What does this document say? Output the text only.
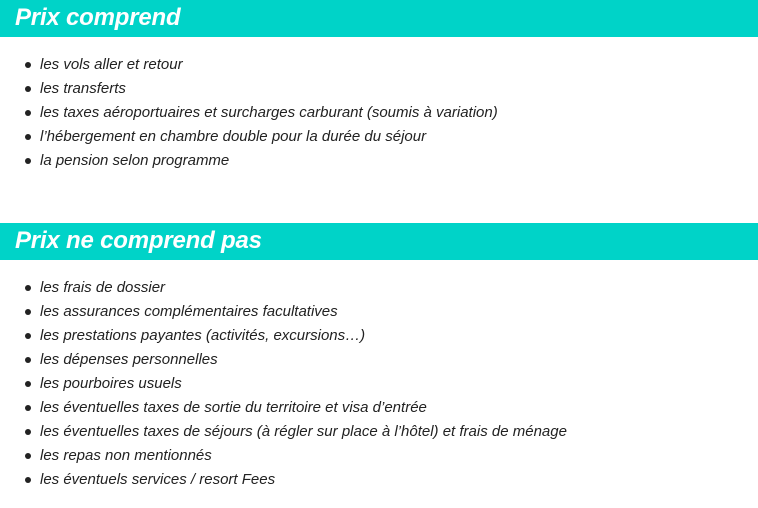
Prix comprend
les vols aller et retour
les transferts
les taxes aéroportuaires et surcharges carburant (soumis à variation)
l’hébergement en chambre double pour la durée du séjour
la pension selon programme
Prix ne comprend pas
les frais de dossier
les assurances complémentaires facultatives
les prestations payantes (activités, excursions…)
les dépenses personnelles
les pourboires usuels
les éventuelles taxes de sortie du territoire et visa d’entrée
les éventuelles taxes de séjours (à régler sur place à l’hôtel) et frais de ménage
les repas non mentionnés
les éventuels services / resort Fees
